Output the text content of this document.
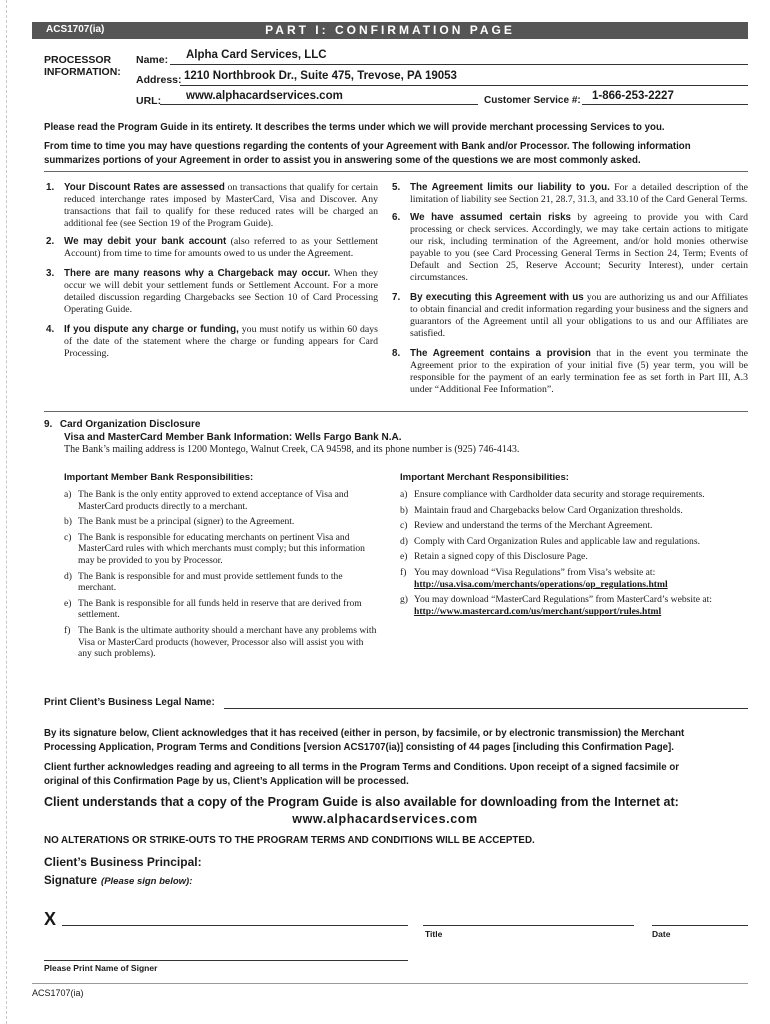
ACS1707(ia)	PART I: CONFIRMATION PAGE
PROCESSOR
INFORMATION:
Name: Alpha Card Services, LLC
Address: 1210 Northbrook Dr., Suite 475, Trevose, PA 19053
URL: www.alphacardservices.com	Customer Service #: 1-866-253-2227
Please read the Program Guide in its entirety. It describes the terms under which we will provide merchant processing Services to you.
From time to time you may have questions regarding the contents of your Agreement with Bank and/or Processor. The following information
summarizes portions of your Agreement in order to assist you in answering some of the questions we are most commonly asked.
1. Your Discount Rates are assessed on transactions that qualify for certain reduced interchange rates imposed by MasterCard, Visa and Discover. Any transactions that fail to qualify for these reduced rates will be charged an additional fee (see Section 19 of the Program Guide).
2. We may debit your bank account (also referred to as your Settlement Account) from time to time for amounts owed to us under the Agreement.
3. There are many reasons why a Chargeback may occur. When they occur we will debit your settlement funds or Settlement Account. For a more detailed discussion regarding Chargebacks see Section 10 of Card Processing Operating Guide.
4. If you dispute any charge or funding, you must notify us within 60 days of the date of the statement where the charge or funding appears for Card Processing.
5. The Agreement limits our liability to you. For a detailed description of the limitation of liability see Section 21, 28.7, 31.3, and 33.10 of the Card General Terms.
6. We have assumed certain risks by agreeing to provide you with Card processing or check services. Accordingly, we may take certain actions to mitigate our risk, including termination of the Agreement, and/or hold monies otherwise payable to you (see Card Processing General Terms in Section 24, Term; Events of Default and Section 25, Reserve Account; Security Interest), under certain circumstances.
7. By executing this Agreement with us you are authorizing us and our Affiliates to obtain financial and credit information regarding your business and the signers and guarantors of the Agreement until all your obligations to us and our Affiliates are satisfied.
8. The Agreement contains a provision that in the event you terminate the Agreement prior to the expiration of your initial five (5) year term, you will be responsible for the payment of an early termination fee as set forth in Part III, A.3 under “Additional Fee Information”.
9. Card Organization Disclosure
Visa and MasterCard Member Bank Information: Wells Fargo Bank N.A.
The Bank’s mailing address is 1200 Montego, Walnut Creek, CA 94598, and its phone number is (925) 746-4143.
Important Member Bank Responsibilities:
a) The Bank is the only entity approved to extend acceptance of Visa and MasterCard products directly to a merchant.
b) The Bank must be a principal (signer) to the Agreement.
c) The Bank is responsible for educating merchants on pertinent Visa and MasterCard rules with which merchants must comply; but this information may be provided to you by Processor.
d) The Bank is responsible for and must provide settlement funds to the merchant.
e) The Bank is responsible for all funds held in reserve that are derived from settlement.
f) The Bank is the ultimate authority should a merchant have any problems with Visa or MasterCard products (however, Processor also will assist you with any such problems).
Important Merchant Responsibilities:
a) Ensure compliance with Cardholder data security and storage requirements.
b) Maintain fraud and Chargebacks below Card Organization thresholds.
c) Review and understand the terms of the Merchant Agreement.
d) Comply with Card Organization Rules and applicable law and regulations.
e) Retain a signed copy of this Disclosure Page.
f) You may download “Visa Regulations” from Visa’s website at:
http://usa.visa.com/merchants/operations/op_regulations.html
g) You may download “MasterCard Regulations” from MasterCard’s website at:
http://www.mastercard.com/us/merchant/support/rules.html
Print Client’s Business Legal Name:
By its signature below, Client acknowledges that it has received (either in person, by facsimile, or by electronic transmission) the Merchant
Processing Application, Program Terms and Conditions [version ACS1707(ia)] consisting of 44 pages [including this Confirmation Page].
Client further acknowledges reading and agreeing to all terms in the Program Terms and Conditions. Upon receipt of a signed facsimile or
original of this Confirmation Page by us, Client’s Application will be processed.
Client understands that a copy of the Program Guide is also available for downloading from the Internet at:
www.alphacardservices.com
NO ALTERATIONS OR STRIKE-OUTS TO THE PROGRAM TERMS AND CONDITIONS WILL BE ACCEPTED.
Client’s Business Principal:
Signature (Please sign below):
X
Title	Date
Please Print Name of Signer
ACS1707(ia)
